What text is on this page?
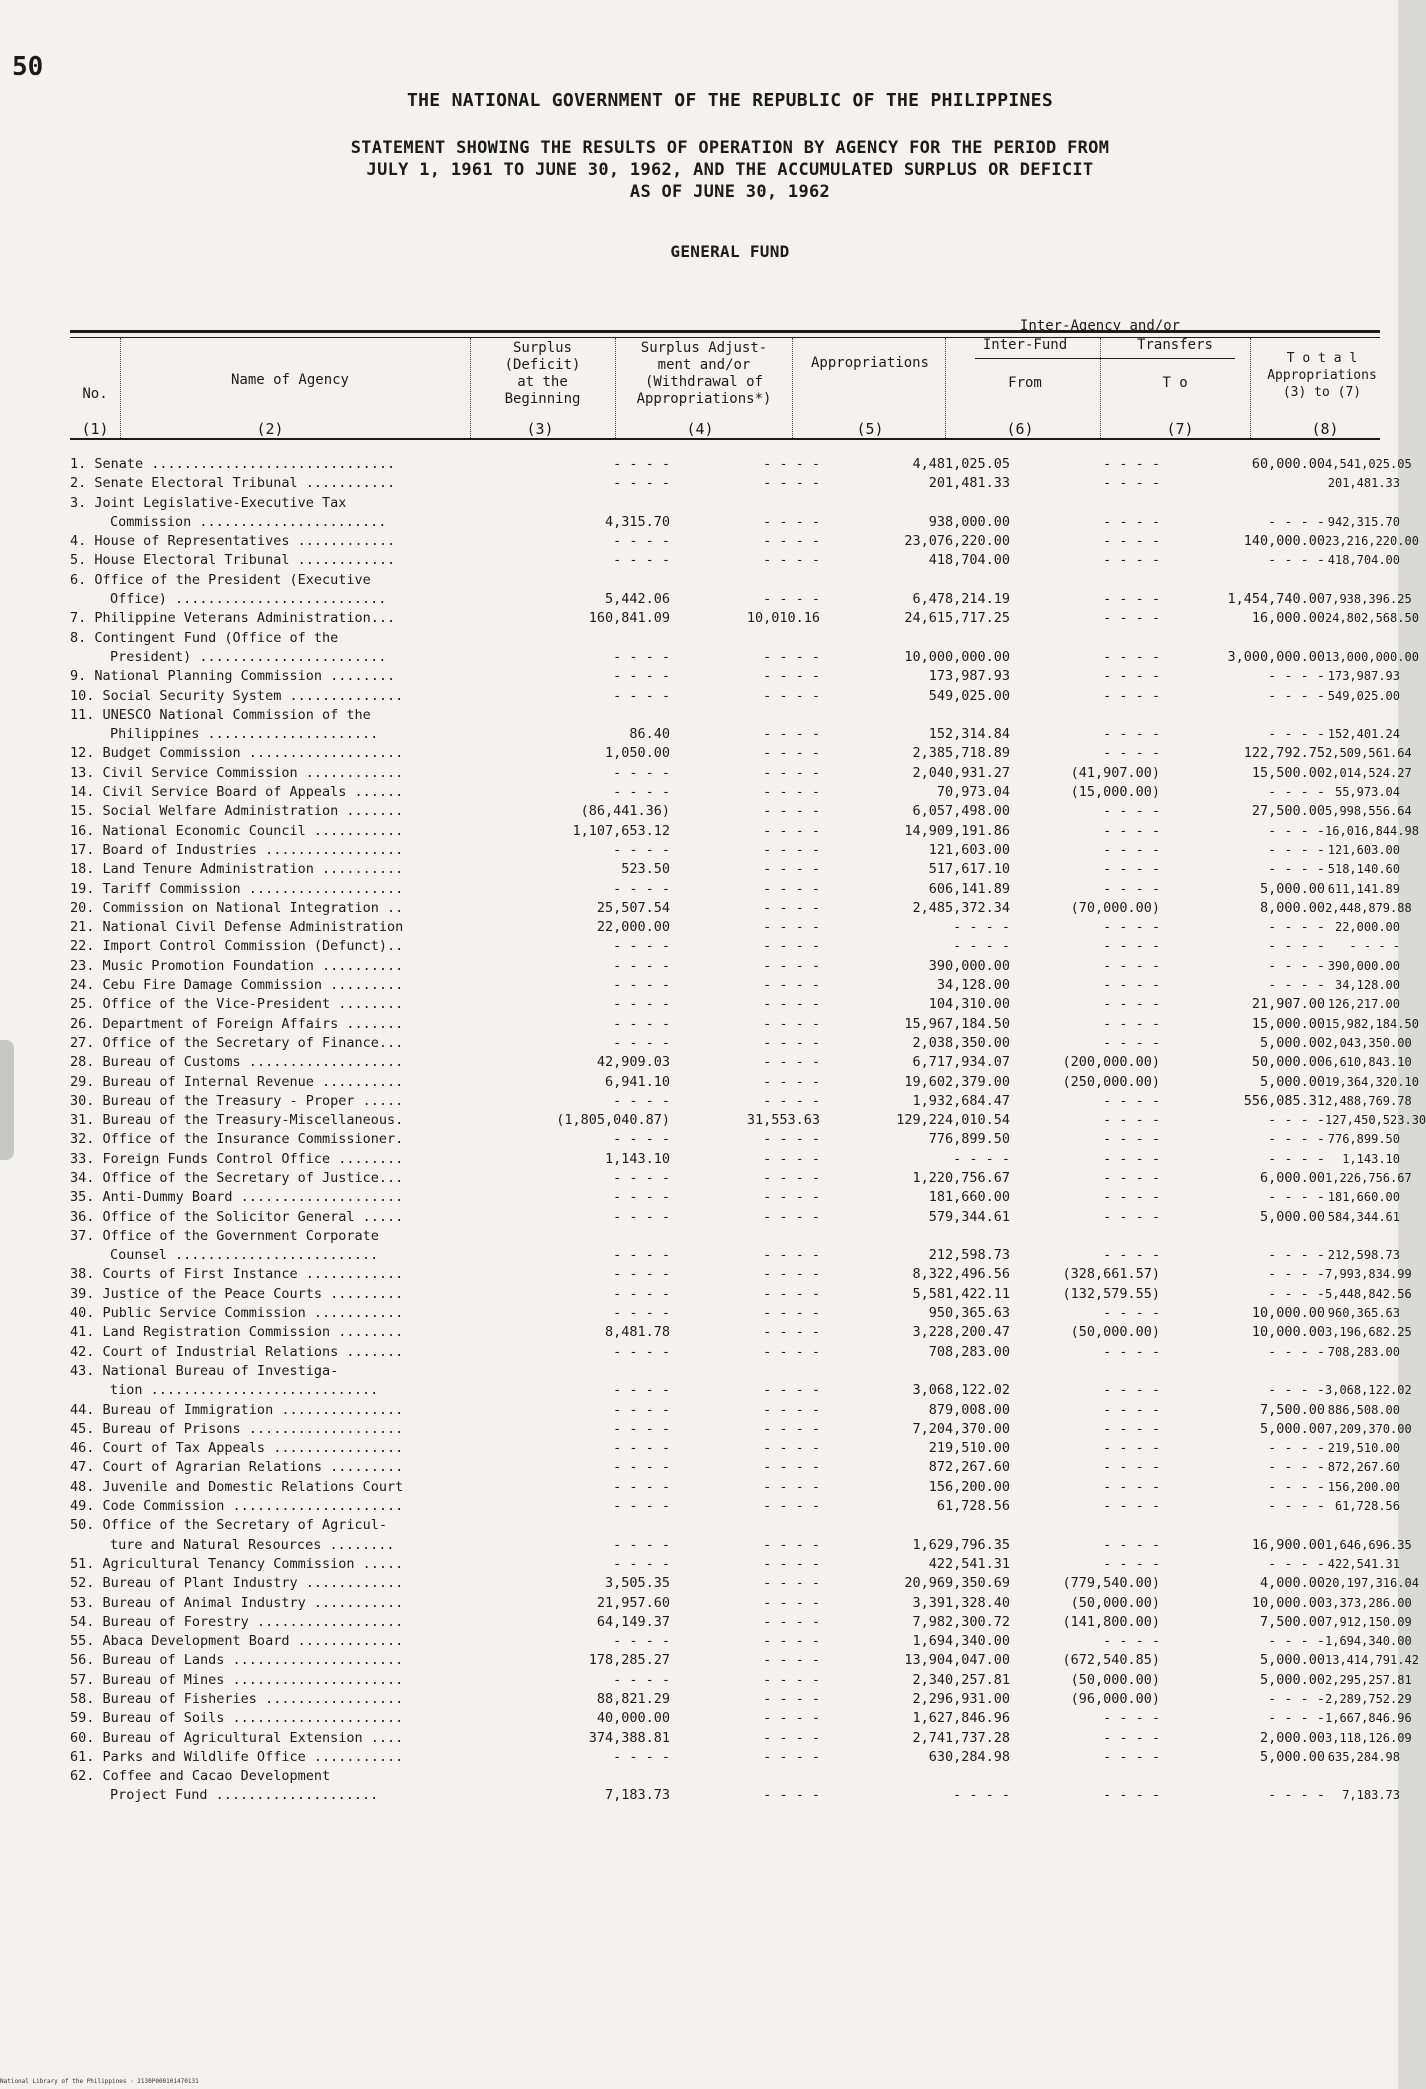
50
THE NATIONAL GOVERNMENT OF THE REPUBLIC OF THE PHILIPPINES
STATEMENT SHOWING THE RESULTS OF OPERATION BY AGENCY FOR THE PERIOD FROM
JULY 1, 1961 TO JUNE 30, 1962, AND THE ACCUMULATED SURPLUS OR DEFICIT
AS OF JUNE 30, 1962
GENERAL FUND
No.
Name of Agency
Surplus
(Deficit)
at the
Beginning
Surplus Adjust-
ment and/or
(Withdrawal of
Appropriations*)
Appropriations
Inter-Agency and/or
Inter-Fund	Transfers
From	T o
T o t a l
Appropriations
(3) to (7)
(1)	(2)	(3)	(4)	(5)	(6)	(7)	(8)
1. Senate ..............................	- - - -	- - - -	4,481,025.05	- - - -	60,000.00 4,541,025.05
2. Senate Electoral Tribunal ...........	- - - -	- - - -	201,481.33	- - - -	201,481.33
3. Joint Legislative-Executive Tax
Commission .......................	4,315.70	- - - -	938,000.00	- - - -	- - - - 942,315.70
4. House of Representatives ............	- - - -	- - - -	23,076,220.00	- - - -	140,000.00 23,216,220.00
5. House Electoral Tribunal ............	- - - -	- - - -	418,704.00	- - - -	- - - - 418,704.00
6. Office of the President (Executive
Office) ..........................	5,442.06	- - - -	6,478,214.19	- - - -	1,454,740.00 7,938,396.25
7. Philippine Veterans Administration...	160,841.09	10,010.16	24,615,717.25	- - - -	16,000.00 24,802,568.50
8. Contingent Fund (Office of the
President) .......................	- - - -	- - - -	10,000,000.00	- - - -	3,000,000.00 13,000,000.00
9. National Planning Commission ........	- - - -	- - - -	173,987.93	- - - -	- - - - 173,987.93
10. Social Security System ..............	- - - -	- - - -	549,025.00	- - - -	- - - - 549,025.00
11. UNESCO National Commission of the
Philippines .....................	86.40	- - - -	152,314.84	- - - -	- - - - 152,401.24
12. Budget Commission ...................	1,050.00	- - - -	2,385,718.89	- - - -	122,792.75 2,509,561.64
13. Civil Service Commission ............	- - - -	- - - -	2,040,931.27	(41,907.00)	15,500.00 2,014,524.27
14. Civil Service Board of Appeals ......	- - - -	- - - -	70,973.04	(15,000.00)	- - - - 55,973.04
15. Social Welfare Administration .......	(86,441.36)	- - - -	6,057,498.00	- - - -	27,500.00 5,998,556.64
16. National Economic Council ...........	1,107,653.12	- - - -	14,909,191.86	- - - -	- - - - 16,016,844.98
17. Board of Industries .................	- - - -	- - - -	121,603.00	- - - -	- - - - 121,603.00
18. Land Tenure Administration ..........	523.50	- - - -	517,617.10	- - - -	- - - - 518,140.60
19. Tariff Commission ...................	- - - -	- - - -	606,141.89	- - - -	5,000.00 611,141.89
20. Commission on National Integration ..	25,507.54	- - - -	2,485,372.34	(70,000.00)	8,000.00 2,448,879.88
21. National Civil Defense Administration	22,000.00	- - - -	- - - -	- - - -	- - - - 22,000.00
22. Import Control Commission (Defunct)..	- - - -	- - - -	- - - -	- - - -	- - - -	- - - -
23. Music Promotion Foundation ..........	- - - -	- - - -	390,000.00	- - - -	- - - - 390,000.00
24. Cebu Fire Damage Commission .........	- - - -	- - - -	34,128.00	- - - -	- - - - 34,128.00
25. Office of the Vice-President ........	- - - -	- - - -	104,310.00	- - - -	21,907.00 126,217.00
26. Department of Foreign Affairs .......	- - - -	- - - -	15,967,184.50	- - - -	15,000.00 15,982,184.50
27. Office of the Secretary of Finance...	- - - -	- - - -	2,038,350.00	- - - -	5,000.00 2,043,350.00
28. Bureau of Customs ...................	42,909.03	- - - -	6,717,934.07	(200,000.00)	50,000.00 6,610,843.10
29. Bureau of Internal Revenue ..........	6,941.10	- - - -	19,602,379.00	(250,000.00)	5,000.00 19,364,320.10
30. Bureau of the Treasury - Proper .....	- - - -	- - - -	1,932,684.47	- - - -	556,085.31 2,488,769.78
31. Bureau of the Treasury-Miscellaneous.	(1,805,040.87)	31,553.63	129,224,010.54	- - - -	- - - - 127,450,523.30
32. Office of the Insurance Commissioner.	- - - -	- - - -	776,899.50	- - - -	- - - - 776,899.50
33. Foreign Funds Control Office ........	1,143.10	- - - -	- - - -	- - - -	- - - -	1,143.10
34. Office of the Secretary of Justice...	- - - -	- - - -	1,220,756.67	- - - -	6,000.00 1,226,756.67
35. Anti-Dummy Board ....................	- - - -	- - - -	181,660.00	- - - -	- - - - 181,660.00
36. Office of the Solicitor General .....	- - - -	- - - -	579,344.61	- - - -	5,000.00 584,344.61
37. Office of the Government Corporate
Counsel .........................	- - - -	- - - -	212,598.73	- - - -	- - - - 212,598.73
38. Courts of First Instance ............	- - - -	- - - -	8,322,496.56	(328,661.57)	- - - - 7,993,834.99
39. Justice of the Peace Courts .........	- - - -	- - - -	5,581,422.11	(132,579.55)	- - - - 5,448,842.56
40. Public Service Commission ...........	- - - -	- - - -	950,365.63	- - - -	10,000.00 960,365.63
41. Land Registration Commission ........	8,481.78	- - - -	3,228,200.47	(50,000.00)	10,000.00 3,196,682.25
42. Court of Industrial Relations .......	- - - -	- - - -	708,283.00	- - - -	- - - - 708,283.00
43. National Bureau of Investiga-
tion ............................	- - - -	- - - -	3,068,122.02	- - - -	- - - - 3,068,122.02
44. Bureau of Immigration ...............	- - - -	- - - -	879,008.00	- - - -	7,500.00 886,508.00
45. Bureau of Prisons ...................	- - - -	- - - -	7,204,370.00	- - - -	5,000.00 7,209,370.00
46. Court of Tax Appeals ................	- - - -	- - - -	219,510.00	- - - -	- - - - 219,510.00
47. Court of Agrarian Relations .........	- - - -	- - - -	872,267.60	- - - -	- - - - 872,267.60
48. Juvenile and Domestic Relations Court	- - - -	- - - -	156,200.00	- - - -	- - - - 156,200.00
49. Code Commission .....................	- - - -	- - - -	61,728.56	- - - -	- - - - 61,728.56
50. Office of the Secretary of Agricul-
ture and Natural Resources ........	- - - -	- - - -	1,629,796.35	- - - -	16,900.00 1,646,696.35
51. Agricultural Tenancy Commission .....	- - - -	- - - -	422,541.31	- - - -	- - - - 422,541.31
52. Bureau of Plant Industry ............	3,505.35	- - - -	20,969,350.69	(779,540.00)	4,000.00 20,197,316.04
53. Bureau of Animal Industry ...........	21,957.60	- - - -	3,391,328.40	(50,000.00)	10,000.00 3,373,286.00
54. Bureau of Forestry ..................	64,149.37	- - - -	7,982,300.72	(141,800.00)	7,500.00 7,912,150.09
55. Abaca Development Board .............	- - - -	- - - -	1,694,340.00	- - - -	- - - - 1,694,340.00
56. Bureau of Lands .....................	178,285.27	- - - -	13,904,047.00	(672,540.85)	5,000.00 13,414,791.42
57. Bureau of Mines .....................	- - - -	- - - -	2,340,257.81	(50,000.00)	5,000.00 2,295,257.81
58. Bureau of Fisheries .................	88,821.29	- - - -	2,296,931.00	(96,000.00)	- - - - 2,289,752.29
59. Bureau of Soils .....................	40,000.00	- - - -	1,627,846.96	- - - -	- - - - 1,667,846.96
60. Bureau of Agricultural Extension ....	374,388.81	- - - -	2,741,737.28	- - - -	2,000.00 3,118,126.09
61. Parks and Wildlife Office ...........	- - - -	- - - -	630,284.98	- - - -	5,000.00 635,284.98
62. Coffee and Cacao Development
Project Fund ....................	7,183.73	- - - -	- - - -	- - - -	- - - -	7,183.73
National Library of the Philippines · 2130P000101470131
